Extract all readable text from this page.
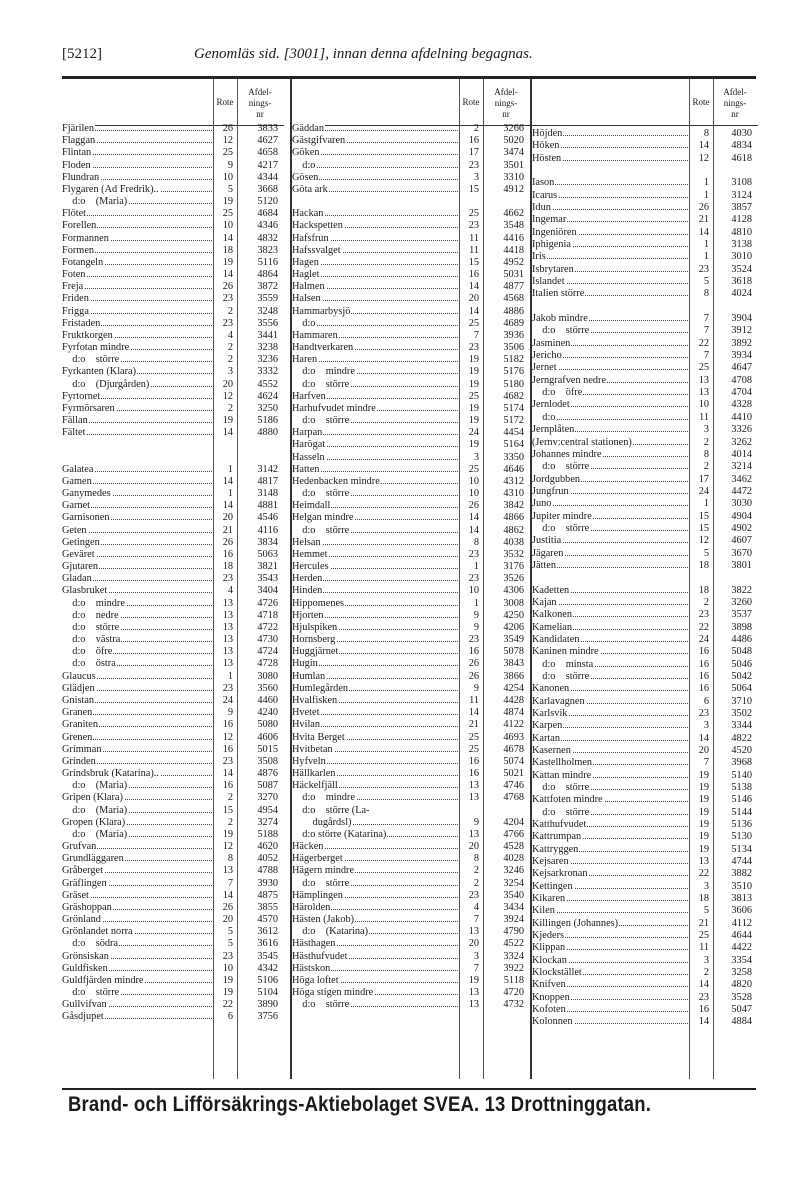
[5212]	Genomläs sid. [3001], innan denna afdelning begagnas.
Rote
Afdel-
nings-
nr
Fjärilen	26	3833
Flaggan	12	4627
Flintan	25	4658
Floden	9	4217
Flundran	10	4344
Flygaren (Ad Fredrik)..	5	3668
d:o    (Maria)	19	5120
Flötet	25	4684
Forellen	10	4346
Formannen	14	4832
Formen	18	3823
Fotangeln	19	5116
Foten	14	4864
Freja	26	3872
Friden	23	3559
Frigga	2	3248
Fristaden	23	3556
Fruktkorgen	4	3441
Fyrfotan mindre	2	3238
d:o    större	2	3236
Fyrkanten (Klara)	3	3332
d:o    (Djurgården)	20	4552
Fyrtornet	12	4624
Fyrmörsaren	2	3250
Fällan	19	5186
Fältet	14	4880
Galatea	1	3142
Gamen	14	4817
Ganymedes	1	3148
Garnet	14	4881
Garnisonen	20	4546
Geten	21	4116
Getingen	26	3834
Geväret	16	5063
Gjutaren	18	3821
Gladan	23	3543
Glasbruket	4	3404
d:o    mindre	13	4726
d:o    nedre	13	4718
d:o    större	13	4722
d:o    västra	13	4730
d:o    öfre	13	4724
d:o    östra	13	4728
Glaucus	1	3080
Glädjen	23	3560
Gnistan	24	4460
Granen	9	4240
Graniten	16	5080
Grenen	12	4606
Grimman	16	5015
Grinden	23	3508
Grindsbruk (Katarina)..	14	4876
d:o    (Maria)	16	5087
Gripen (Klara)	2	3270
d:o    (Maria)	15	4954
Gropen (Klara)	2	3274
d:o    (Maria)	19	5188
Grufvan	12	4620
Grundläggaren	8	4052
Gråberget	13	4788
Gräflingen	7	3930
Gräset	14	4875
Gräshoppan	26	3855
Grönland	20	4570
Grönlandet norra	5	3612
d:o    södra	5	3616
Grönsiskan	23	3545
Guldfisken	10	4342
Guldfjärden mindre	19	5106
d:o    större	19	5104
Gullvifvan	22	3890
Gåsdjupet	6	3756
Rote
Afdel-
nings-
nr
Gäddan	2	3266
Gästgifvaren	16	5020
Göken	17	3474
d:o	23	3501
Gösen	3	3310
Göta ark	15	4912
Hackan	25	4662
Hackspetten	23	3548
Hafsfrun	11	4416
Hafssvalget	11	4418
Hagen	15	4952
Haglet	16	5031
Halmen	14	4877
Halsen	20	4568
Hammarbysjö	14	4886
d:o	25	4689
Hammaren	7	3936
Handtverkaren	23	3506
Haren	19	5182
d:o    mindre	19	5176
d:o    större	19	5180
Harfven	25	4682
Harhufvudet mindre	19	5174
d:o    större	19	5172
Harpan	24	4454
Harögat	19	5164
Hasseln	3	3350
Hatten	25	4646
Hedenbacken mindre	10	4312
d:o    större	10	4310
Heimdall	26	3842
Helgan mindre	14	4866
d:o    större	14	4862
Helsan	8	4038
Hemmet	23	3532
Hercules	1	3176
Herden	23	3526
Hinden	10	4306
Hippomenes	1	3008
Hjorten	9	4250
Hjulspiken	9	4206
Hornsberg	23	3549
Huggjärnet	16	5078
Hugin	26	3843
Humlan	26	3866
Humlegården	9	4254
Hvalfisken	11	4428
Hvetet	14	4874
Hvilan	21	4122
Hvita Berget	25	4693
Hvitbetan	25	4678
Hyfveln	16	5074
Hällkarlen	16	5021
Häckelfjäll	13	4746
d:o    mindre	13	4768
d:o    större (La-
dugårdsl)	9	4204
d:o större (Katarina)	13	4766
Häcken	20	4528
Hägerberget	8	4028
Hägern mindre	2	3246
d:o    större	2	3254
Hämplingen	23	3540
Härolden	4	3434
Hästen (Jakob)	7	3924
d:o    (Katarina)	13	4790
Hästhagen	20	4522
Hästhufvudet	3	3324
Hästskon	7	3922
Höga loftet	19	5118
Höga stigen mindre	13	4720
d:o    större	13	4732
Rote
Afdel-
nings-
nr
Höjden	8	4030
Höken	14	4834
Hösten	12	4618
Iason	1	3108
Icarus	1	3124
Idun	26	3857
Ingemar	21	4128
Ingeniören	14	4810
Iphigenia	1	3138
Iris	1	3010
Isbrytaren	23	3524
Islandet	5	3618
Italien större	8	4024
Jakob mindre	7	3904
d:o    större	7	3912
Jasminen	22	3892
Jericho	7	3934
Jernet	25	4647
Jerngrafven nedre	13	4708
d:o    öfre	13	4704
Jernlodet	10	4328
d:o	11	4410
Jernplåten	3	3326
(Jernv:central stationen)	2	3262
Johannes mindre	8	4014
d:o    större	2	3214
Jordgubben	17	3462
Jungfrun	24	4472
Juno	1	3030
Jupiter mindre	15	4904
d:o    större	15	4902
Justitia	12	4607
Jägaren	5	3670
Jätten	18	3801
Kadetten	18	3822
Kajan	2	3260
Kalkonen	23	3537
Kamelian	22	3898
Kandidaten	24	4486
Kaninen mindre	16	5048
d:o    minsta	16	5046
d:o    större	16	5042
Kanonen	16	5064
Karlavagnen	6	3710
Karlsvik	23	3502
Karpen	3	3344
Kartan	14	4822
Kasernen	20	4520
Kastellholmen	7	3968
Kattan mindre	19	5140
d:o    större	19	5138
Kattfoten mindre	19	5146
d:o    större	19	5144
Katthufvudet	19	5136
Kattrumpan	19	5130
Kattryggen	19	5134
Kejsaren	13	4744
Kejsarkronan	22	3882
Kettingen	3	3510
Kikaren	18	3813
Kilen	5	3606
Killingen (Johannes)	21	4112
Kjeders	25	4644
Klippan	11	4422
Klockan	3	3354
Klockstället	2	3258
Knifven	14	4820
Knoppen	23	3528
Kofoten	16	5047
Kolonnen	14	4884
Brand- och Lifförsäkrings-Aktiebolaget SVEA. 13 Drottninggatan.
